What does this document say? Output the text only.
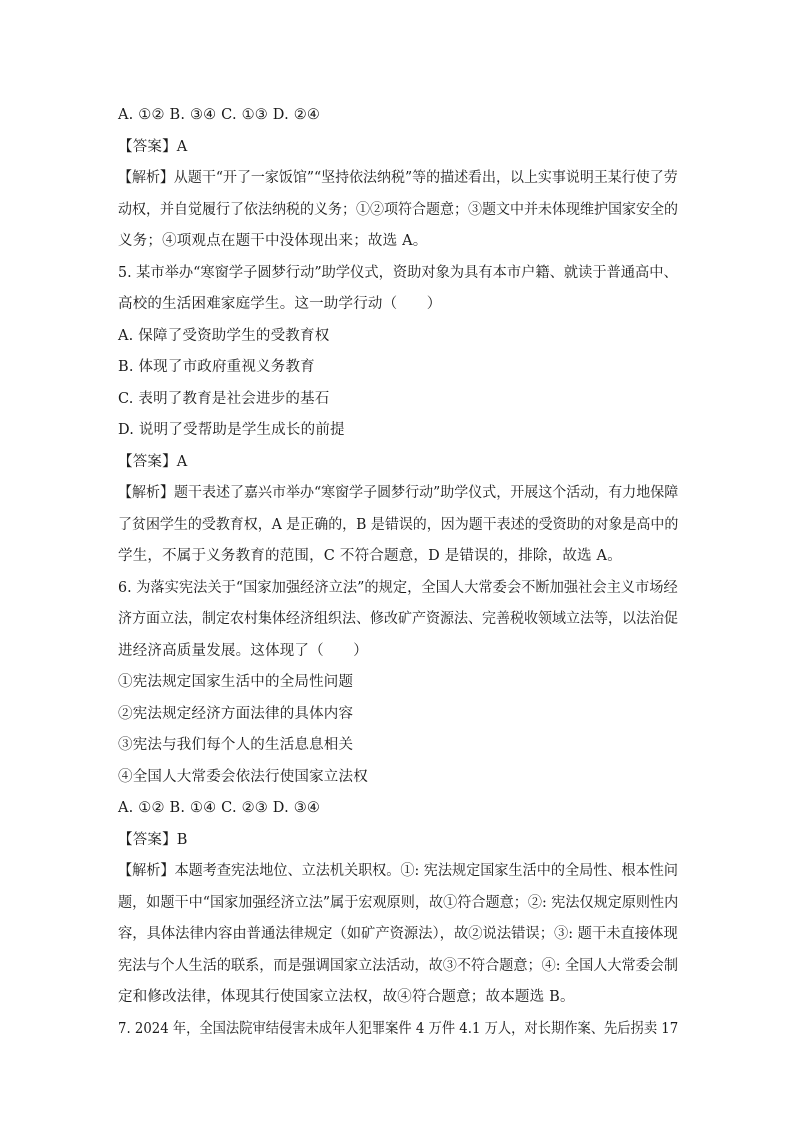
A. ①② B. ③④ C. ①③ D. ②④
【答案】A
【解析】从题干“开了一家饭馆”“坚持依法纳税”等的描述看出，以上实事说明王某行使了劳
动权，并自觉履行了依法纳税的义务；①②项符合题意；③题文中并未体现维护国家安全的
义务；④项观点在题干中没体现出来；故选 A。
5. 某市举办“寒窗学子圆梦行动”助学仪式，资助对象为具有本市户籍、就读于普通高中、
高校的生活困难家庭学生。这一助学行动（　　）
A. 保障了受资助学生的受教育权
B. 体现了市政府重视义务教育
C. 表明了教育是社会进步的基石
D. 说明了受帮助是学生成长的前提
【答案】A
【解析】题干表述了嘉兴市举办“寒窗学子圆梦行动”助学仪式，开展这个活动，有力地保障
了贫困学生的受教育权，A 是正确的，B 是错误的，因为题干表述的受资助的对象是高中的
学生，不属于义务教育的范围，C 不符合题意，D 是错误的，排除，故选 A。
6. 为落实宪法关于“国家加强经济立法”的规定，全国人大常委会不断加强社会主义市场经
济方面立法，制定农村集体经济组织法、修改矿产资源法、完善税收领域立法等，以法治促
进经济高质量发展。这体现了（　　）
①宪法规定国家生活中的全局性问题
②宪法规定经济方面法律的具体内容
③宪法与我们每个人的生活息息相关
④全国人大常委会依法行使国家立法权
A. ①② B. ①④ C. ②③ D. ③④
【答案】B
【解析】本题考查宪法地位、立法机关职权。①: 宪法规定国家生活中的全局性、根本性问
题，如题干中“国家加强经济立法”属于宏观原则，故①符合题意；②: 宪法仅规定原则性内
容，具体法律内容由普通法律规定（如矿产资源法），故②说法错误；③: 题干未直接体现
宪法与个人生活的联系，而是强调国家立法活动，故③不符合题意；④: 全国人大常委会制
定和修改法律，体现其行使国家立法权，故④符合题意；故本题选 B。
7. 2024 年，全国法院审结侵害未成年人犯罪案件 4 万件 4.1 万人，对长期作案、先后拐卖 17
